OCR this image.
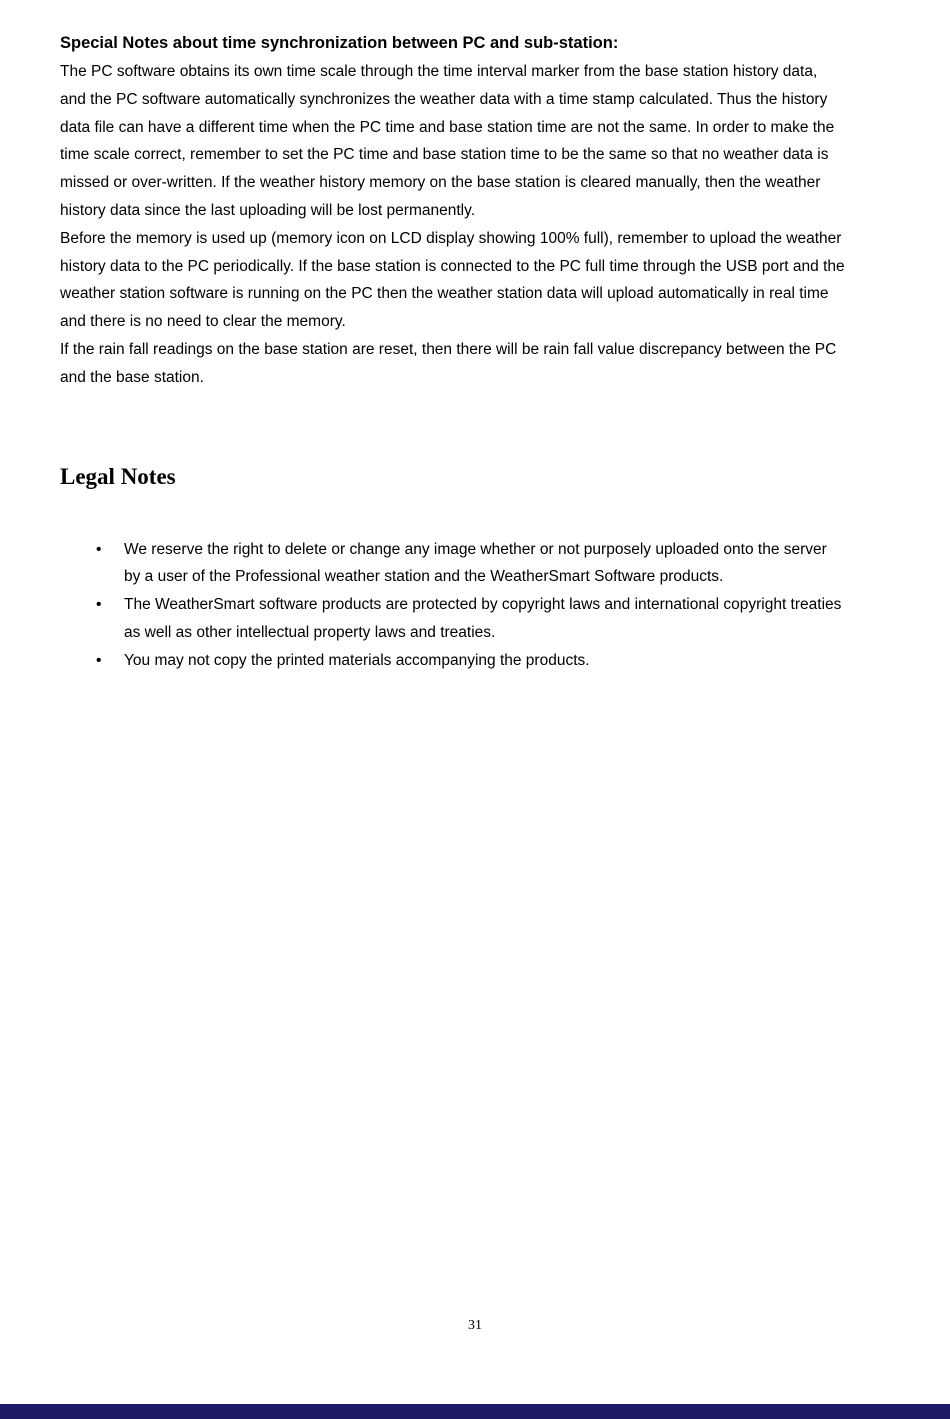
Special Notes about time synchronization between PC and sub-station:

The PC software obtains its own time scale through the time interval marker from the base station history data, and the PC software automatically synchronizes the weather data with a time stamp calculated. Thus the history data file can have a different time when the PC time and base station time are not the same. In order to make the time scale correct, remember to set the PC time and base station time to be the same so that no weather data is missed or over-written. If the weather history memory on the base station is cleared manually, then the weather history data since the last uploading will be lost permanently.

Before the memory is used up (memory icon on LCD display showing 100% full), remember to upload the weather history data to the PC periodically. If the base station is connected to the PC full time through the USB port and the weather station software is running on the PC then the weather station data will upload automatically in real time and there is no need to clear the memory.

If the rain fall readings on the base station are reset, then there will be rain fall value discrepancy between the PC and the base station.

Legal Notes
• We reserve the right to delete or change any image whether or not purposely uploaded onto the server by a user of the Professional weather station and the WeatherSmart Software products.
• The WeatherSmart software products are protected by copyright laws and international copyright treaties as well as other intellectual property laws and treaties.
• You may not copy the printed materials accompanying the products.
31
